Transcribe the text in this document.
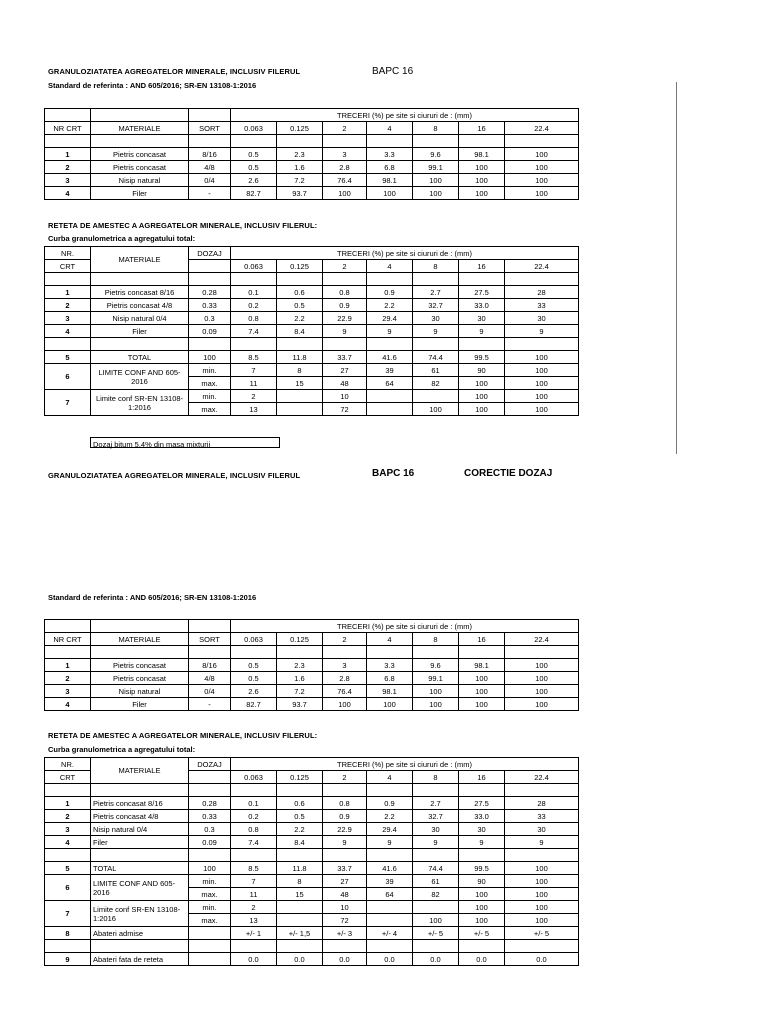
GRANULOZIATATEA AGREGATELOR MINERALE, INCLUSIV FILERUL	BAPC 16
Standard de referinta : AND 605/2016; SR-EN 13108-1:2016
			TRECERI (%) pe site si ciururi de : (mm)						
NR CRT	MATERIALE	SORT	0.063	0.125	2	4	8	16	22.4

1	Pietris concasat	8/16	0.5	2.3	3	3.3	9.6	98.1	100
2	Pietris concasat	4/8	0.5	1.6	2.8	6.8	99.1	100	100
3	Nisip natural	0/4	2.6	7.2	76.4	98.1	100	100	100
4	Filer	-	82.7	93.7	100	100	100	100	100
RETETA DE AMESTEC A AGREGATELOR MINERALE, INCLUSIV FILERUL:
Curba granulometrica a agregatului total:
NR.	MATERIALE	DOZAJ	TRECERI (%) pe site si ciururi de : (mm)						
CRT			0.063	0.125	2	4	8	16	22.4

1	Pietris concasat 8/16	0.28	0.1	0.6	0.8	0.9	2.7	27.5	28
2	Pietris concasat 4/8	0.33	0.2	0.5	0.9	2.2	32.7	33.0	33
3	Nisip natural 0/4	0.3	0.8	2.2	22.9	29.4	30	30	30
4	Filer	0.09	7.4	8.4	9	9	9	9	9

5	TOTAL	100	8.5	11.8	33.7	41.6	74.4	99.5	100
6	LIMITE CONF AND 605-2016	min.	7	8	27	39	61	90	100
		max.	11	15	48	64	82	100	100
7	Limite conf SR-EN 13108-1:2016	min.	2		10			100	100
		max.	13		72		100	100	100
Dozaj bitum 5,4% din masa mixturii
GRANULOZIATATEA AGREGATELOR MINERALE, INCLUSIV FILERUL	BAPC 16	CORECTIE DOZAJ
Standard de referinta : AND 605/2016; SR-EN 13108-1:2016
			TRECERI (%) pe site si ciururi de : (mm)						
NR CRT	MATERIALE	SORT	0.063	0.125	2	4	8	16	22.4

1	Pietris concasat	8/16	0.5	2.3	3	3.3	9.6	98.1	100
2	Pietris concasat	4/8	0.5	1.6	2.8	6.8	99.1	100	100
3	Nisip natural	0/4	2.6	7.2	76.4	98.1	100	100	100
4	Filer	-	82.7	93.7	100	100	100	100	100
RETETA DE AMESTEC A AGREGATELOR MINERALE, INCLUSIV FILERUL:
Curba granulometrica a agregatului total:
NR.	MATERIALE	DOZAJ	TRECERI (%) pe site si ciururi de : (mm)						
CRT			0.063	0.125	2	4	8	16	22.4

1	Pietris concasat 8/16	0.28	0.1	0.6	0.8	0.9	2.7	27.5	28
2	Pietris concasat 4/8	0.33	0.2	0.5	0.9	2.2	32.7	33.0	33
3	Nisip natural 0/4	0.3	0.8	2.2	22.9	29.4	30	30	30
4	Filer	0.09	7.4	8.4	9	9	9	9	9

5	TOTAL	100	8.5	11.8	33.7	41.6	74.4	99.5	100
6	LIMITE CONF AND 605-2016	min.	7	8	27	39	61	90	100
		max.	11	15	48	64	82	100	100
7	Limite conf SR-EN 13108-1:2016	min.	2		10			100	100
		max.	13		72		100	100	100
8	Abateri admise		+/- 1	+/- 1,5	+/- 3	+/- 4	+/- 5	+/- 5	+/- 5

9	Abateri fata de reteta		0.0	0.0	0.0	0.0	0.0	0.0	0.0
